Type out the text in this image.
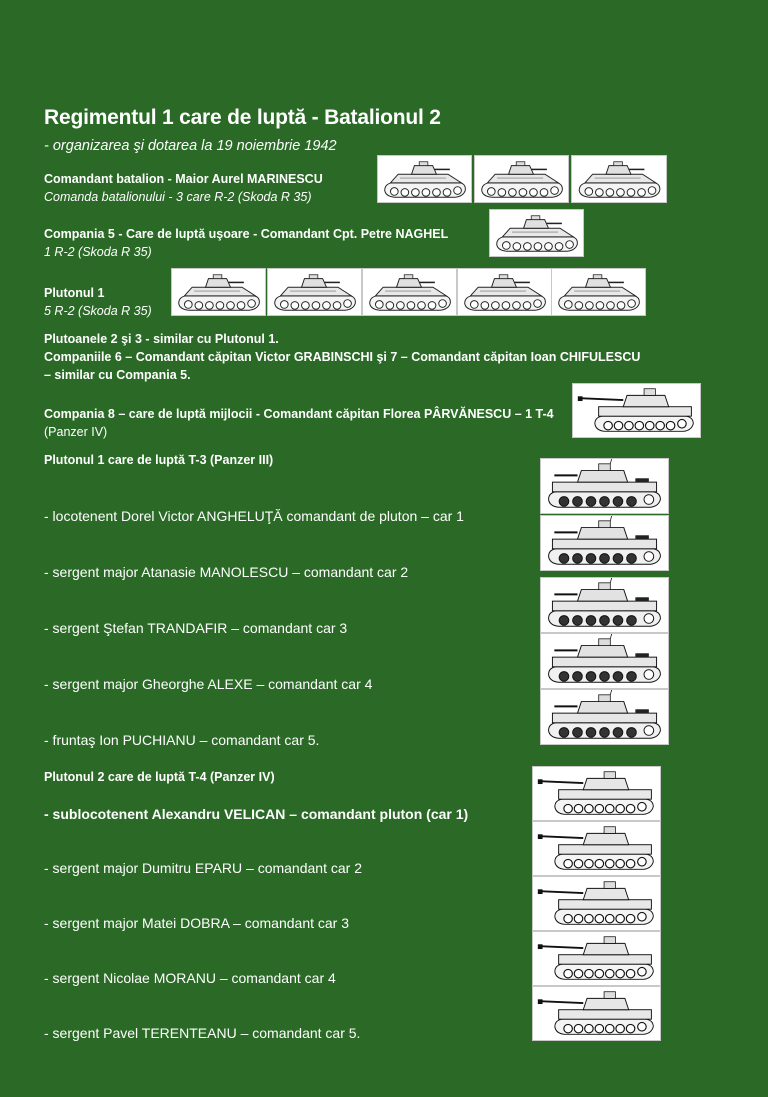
Regimentul 1 care de luptă - Batalionul 2
- organizarea şi dotarea la 19 noiembrie 1942
Comandant batalion - Maior Aurel MARINESCU
Comanda batalionului - 3 care R-2 (Skoda R 35)
Compania 5 - Care de luptă uşoare - Comandant Cpt. Petre NAGHEL
1 R-2 (Skoda R 35)
Plutonul 1
5 R-2 (Skoda R 35)
Plutoanele 2 şi 3 - similar cu Plutonul 1.
Companiile 6 – Comandant căpitan Victor GRABINSCHI şi 7 – Comandant căpitan Ioan CHIFULESCU
– similar cu Compania 5.
Compania 8 – care de luptă mijlocii - Comandant căpitan Florea PÂRVĂNESCU – 1 T-4
(Panzer IV)
Plutonul 1 care de luptă T-3 (Panzer III)
- locotenent Dorel Victor ANGHELUŢĂ comandant de pluton – car 1
- sergent major Atanasie MANOLESCU – comandant car 2
- sergent Ştefan TRANDAFIR – comandant car 3
- sergent major Gheorghe ALEXE – comandant car 4
- fruntaş Ion PUCHIANU – comandant car 5.
Plutonul 2 care de luptă T-4 (Panzer IV)
- sublocotenent Alexandru VELICAN – comandant pluton (car 1)
- sergent major Dumitru EPARU – comandant car 2
- sergent major Matei DOBRA – comandant car 3
- sergent Nicolae MORANU – comandant car 4
- sergent Pavel TERENTEANU – comandant car 5.
